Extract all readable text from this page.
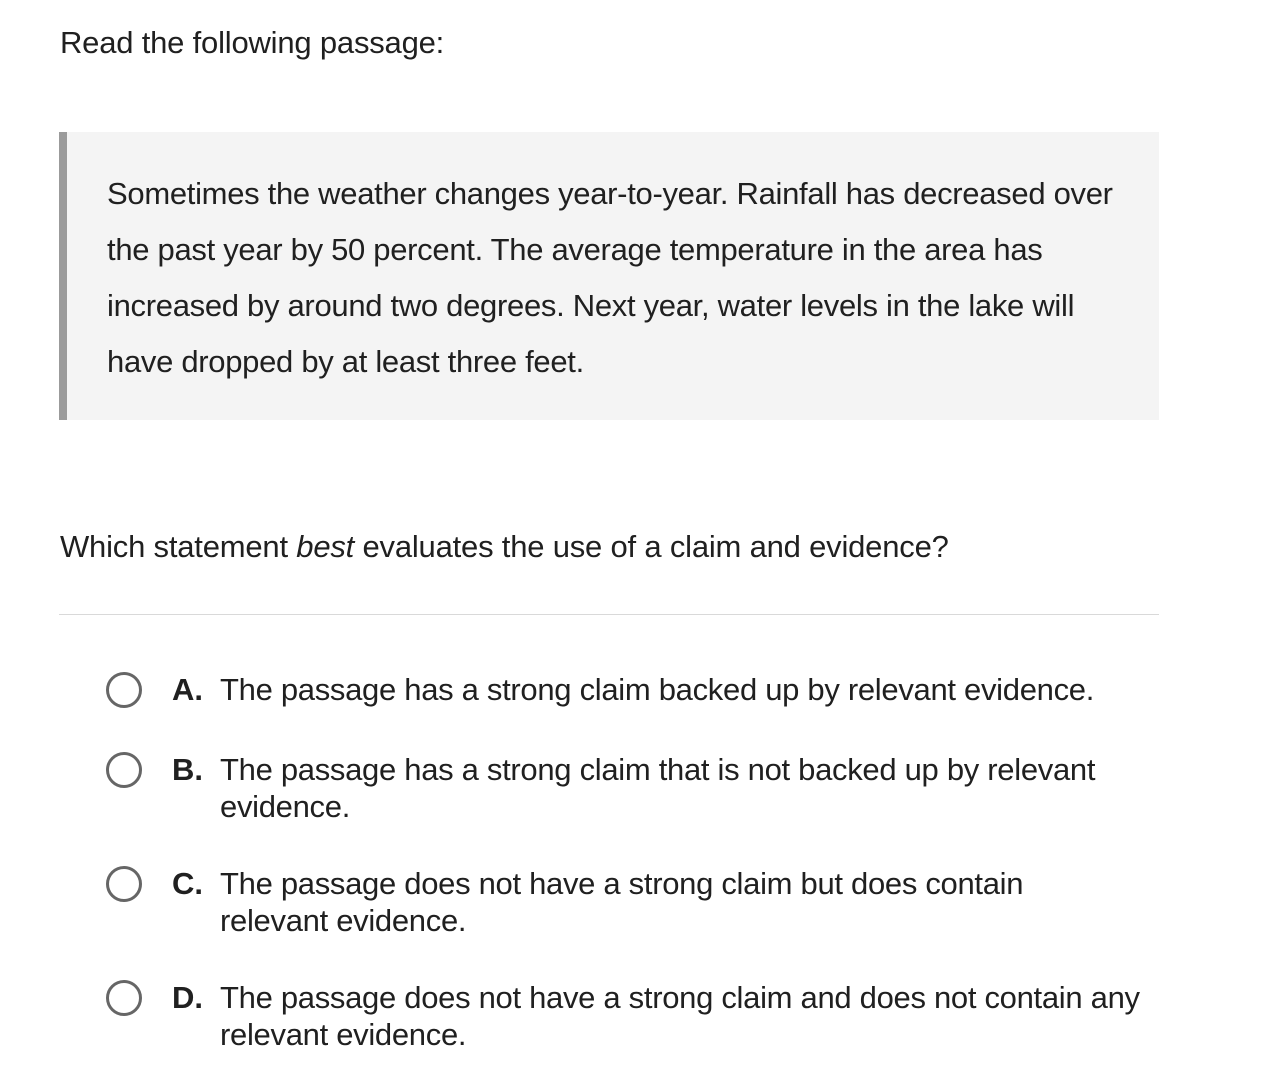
Read the following passage:

Sometimes the weather changes year-to-year. Rainfall has decreased over the past year by 50 percent. The average temperature in the area has increased by around two degrees. Next year, water levels in the lake will have dropped by at least three feet.

Which statement best evaluates the use of a claim and evidence?
A. The passage has a strong claim backed up by relevant evidence.
B. The passage has a strong claim that is not backed up by relevant evidence.
C. The passage does not have a strong claim but does contain relevant evidence.
D. The passage does not have a strong claim and does not contain any relevant evidence.
